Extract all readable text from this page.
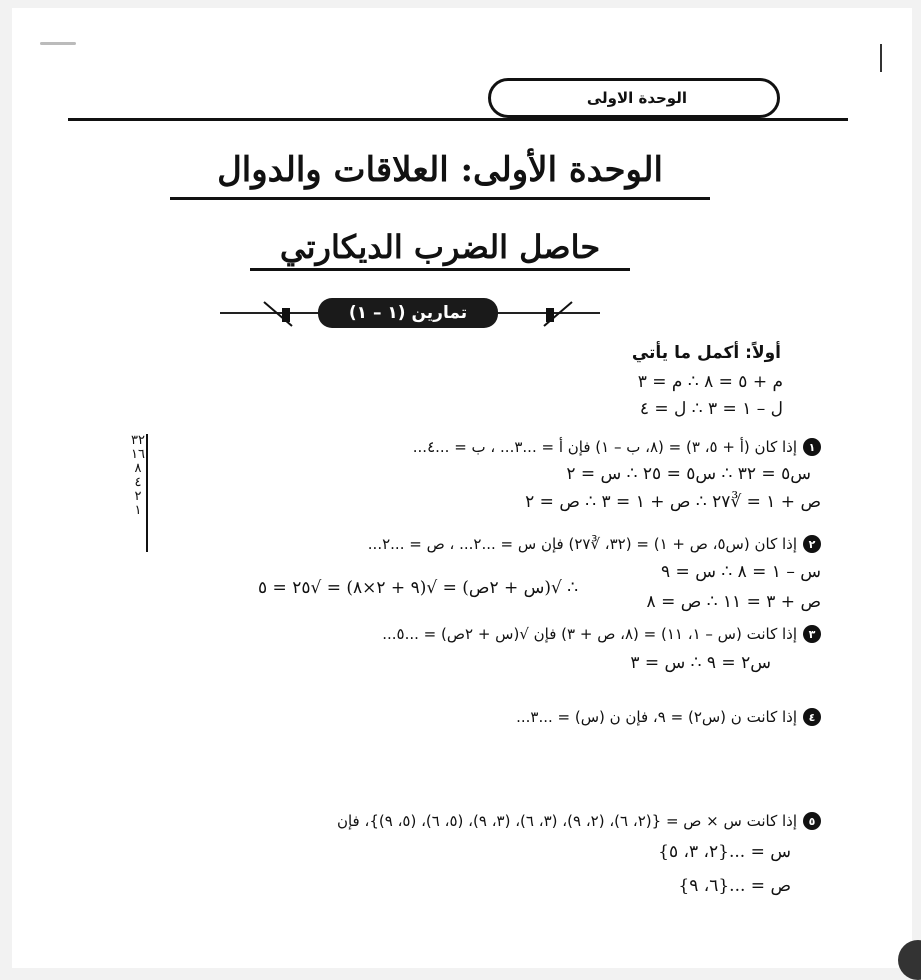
الوحدة الاولى
الوحدة الأولى: العلاقات والدوال
حاصل الضرب الديكارتي
تمارين (١ – ١)
أولاً: أكمل ما يأتي
م + ٥ = ٨ ∴ م = ٣
ل – ١ = ٣ ∴ ل = ٤
١
إذا كان (أ + ٥، ٣) = (٨، ب – ١) فإن أ = ...٣... ، ب = ...٤...
س٥ = ٣٢ ∴ س٥ = ٢٥ ∴ س = ٢
ص + ١ = ∛٢٧ ∴ ص + ١ = ٣ ∴ ص = ٢
٢
إذا كان (س٥، ص + ١) = (٣٢، ∛٢٧) فإن س = ...٢... ، ص = ...٢...
س – ١ = ٨ ∴ س = ٩
∴ √(س + ٢ص) = √(٩ + ٢×٨) = √٢٥ = ٥
ص + ٣ = ١١ ∴ ص = ٨
٣
إذا كانت (س – ١، ١١) = (٨، ص + ٣) فإن √(س + ٢ص) = ...٥...
س٢ = ٩ ∴ س = ٣
٤
إذا كانت ن (س٢) = ٩، فإن ن (س) = ...٣...
٥
إذا كانت س × ص = {(٢، ٦)، (٢، ٩)، (٣، ٦)، (٣، ٩)، (٥، ٦)، (٥، ٩)}، فإن
س = ...{٢، ٣، ٥}
ص = ...{٦، ٩}
٣٢
١٦
٨
٤
٢
١
